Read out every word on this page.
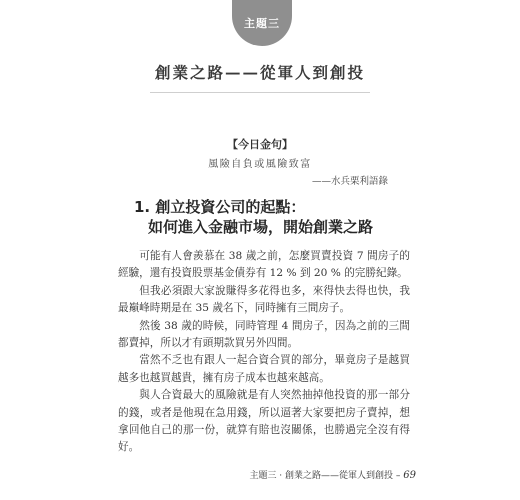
主題三
創業之路——從軍人到創投
【今日金句】
風險自負或風險致富
——水兵栗利語錄
1. 創立投資公司的起點：
如何進入金融市場，開始創業之路

可能有人會羨慕在 38 歲之前，怎麼買賣投資 7 間房子的經驗，還有投資股票基金債券有 12 % 到 20 % 的完勝紀錄。

但我必須跟大家說賺得多花得也多，來得快去得也快，我最巔峰時期是在 35 歲名下，同時擁有三間房子。

然後 38 歲的時候，同時管理 4 間房子，因為之前的三間都賣掉，所以才有頭期款買另外四間。

當然不乏也有跟人一起合資合買的部分，畢竟房子是越買越多也越買越貴，擁有房子成本也越來越高。

與人合資最大的風險就是有人突然抽掉他投資的那一部分的錢，或者是他現在急用錢，所以逼著大家要把房子賣掉，想拿回他自己的那一份，就算有賠也沒關係，也勝過完全沒有得好。

主題三 · 創業之路——從軍人到創投 – 69
